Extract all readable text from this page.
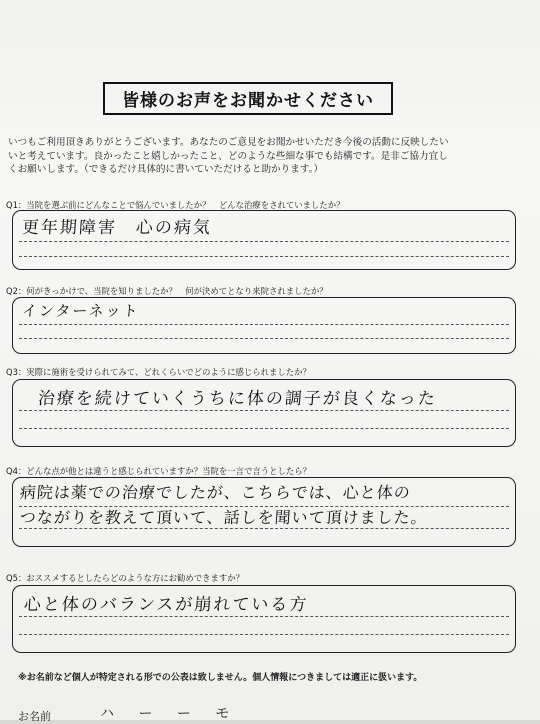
皆様のお声をお聞かせください
いつもご利用頂きありがとうございます。あなたのご意見をお聞かせいただき今後の活動に反映したい
いと考えています。良かったこと嬉しかったこと、どのような些細な事でも結構です。是非ご協力宜し
くお願いします。（できるだけ具体的に書いていただけると助かります。）
Q1：当院を選ぶ前にどんなことで悩んでいましたか？　どんな治療をされていましたか？
更年期障害　心の病気
Q2：何がきっかけで、当院を知りましたか？　何が決めてとなり来院されましたか？
インターネット
Q3：実際に施術を受けられてみて、どれくらいでどのように感じられましたか？
治療を続けていくうちに体の調子が良くなった
Q4：どんな点が他とは違うと感じられていますか？当院を一言で言うとしたら？
病院は薬での治療でしたが、こちらでは、心と体の
つながりを教えて頂いて、話しを聞いて頂けました。
Q5：おススメするとしたらどのような方にお勧めできますか？
心と体のバランスが崩れている方
※お名前など個人が特定される形での公表は致しません。個人情報につきましては適正に扱います。
お名前	ハ ー ー モ
